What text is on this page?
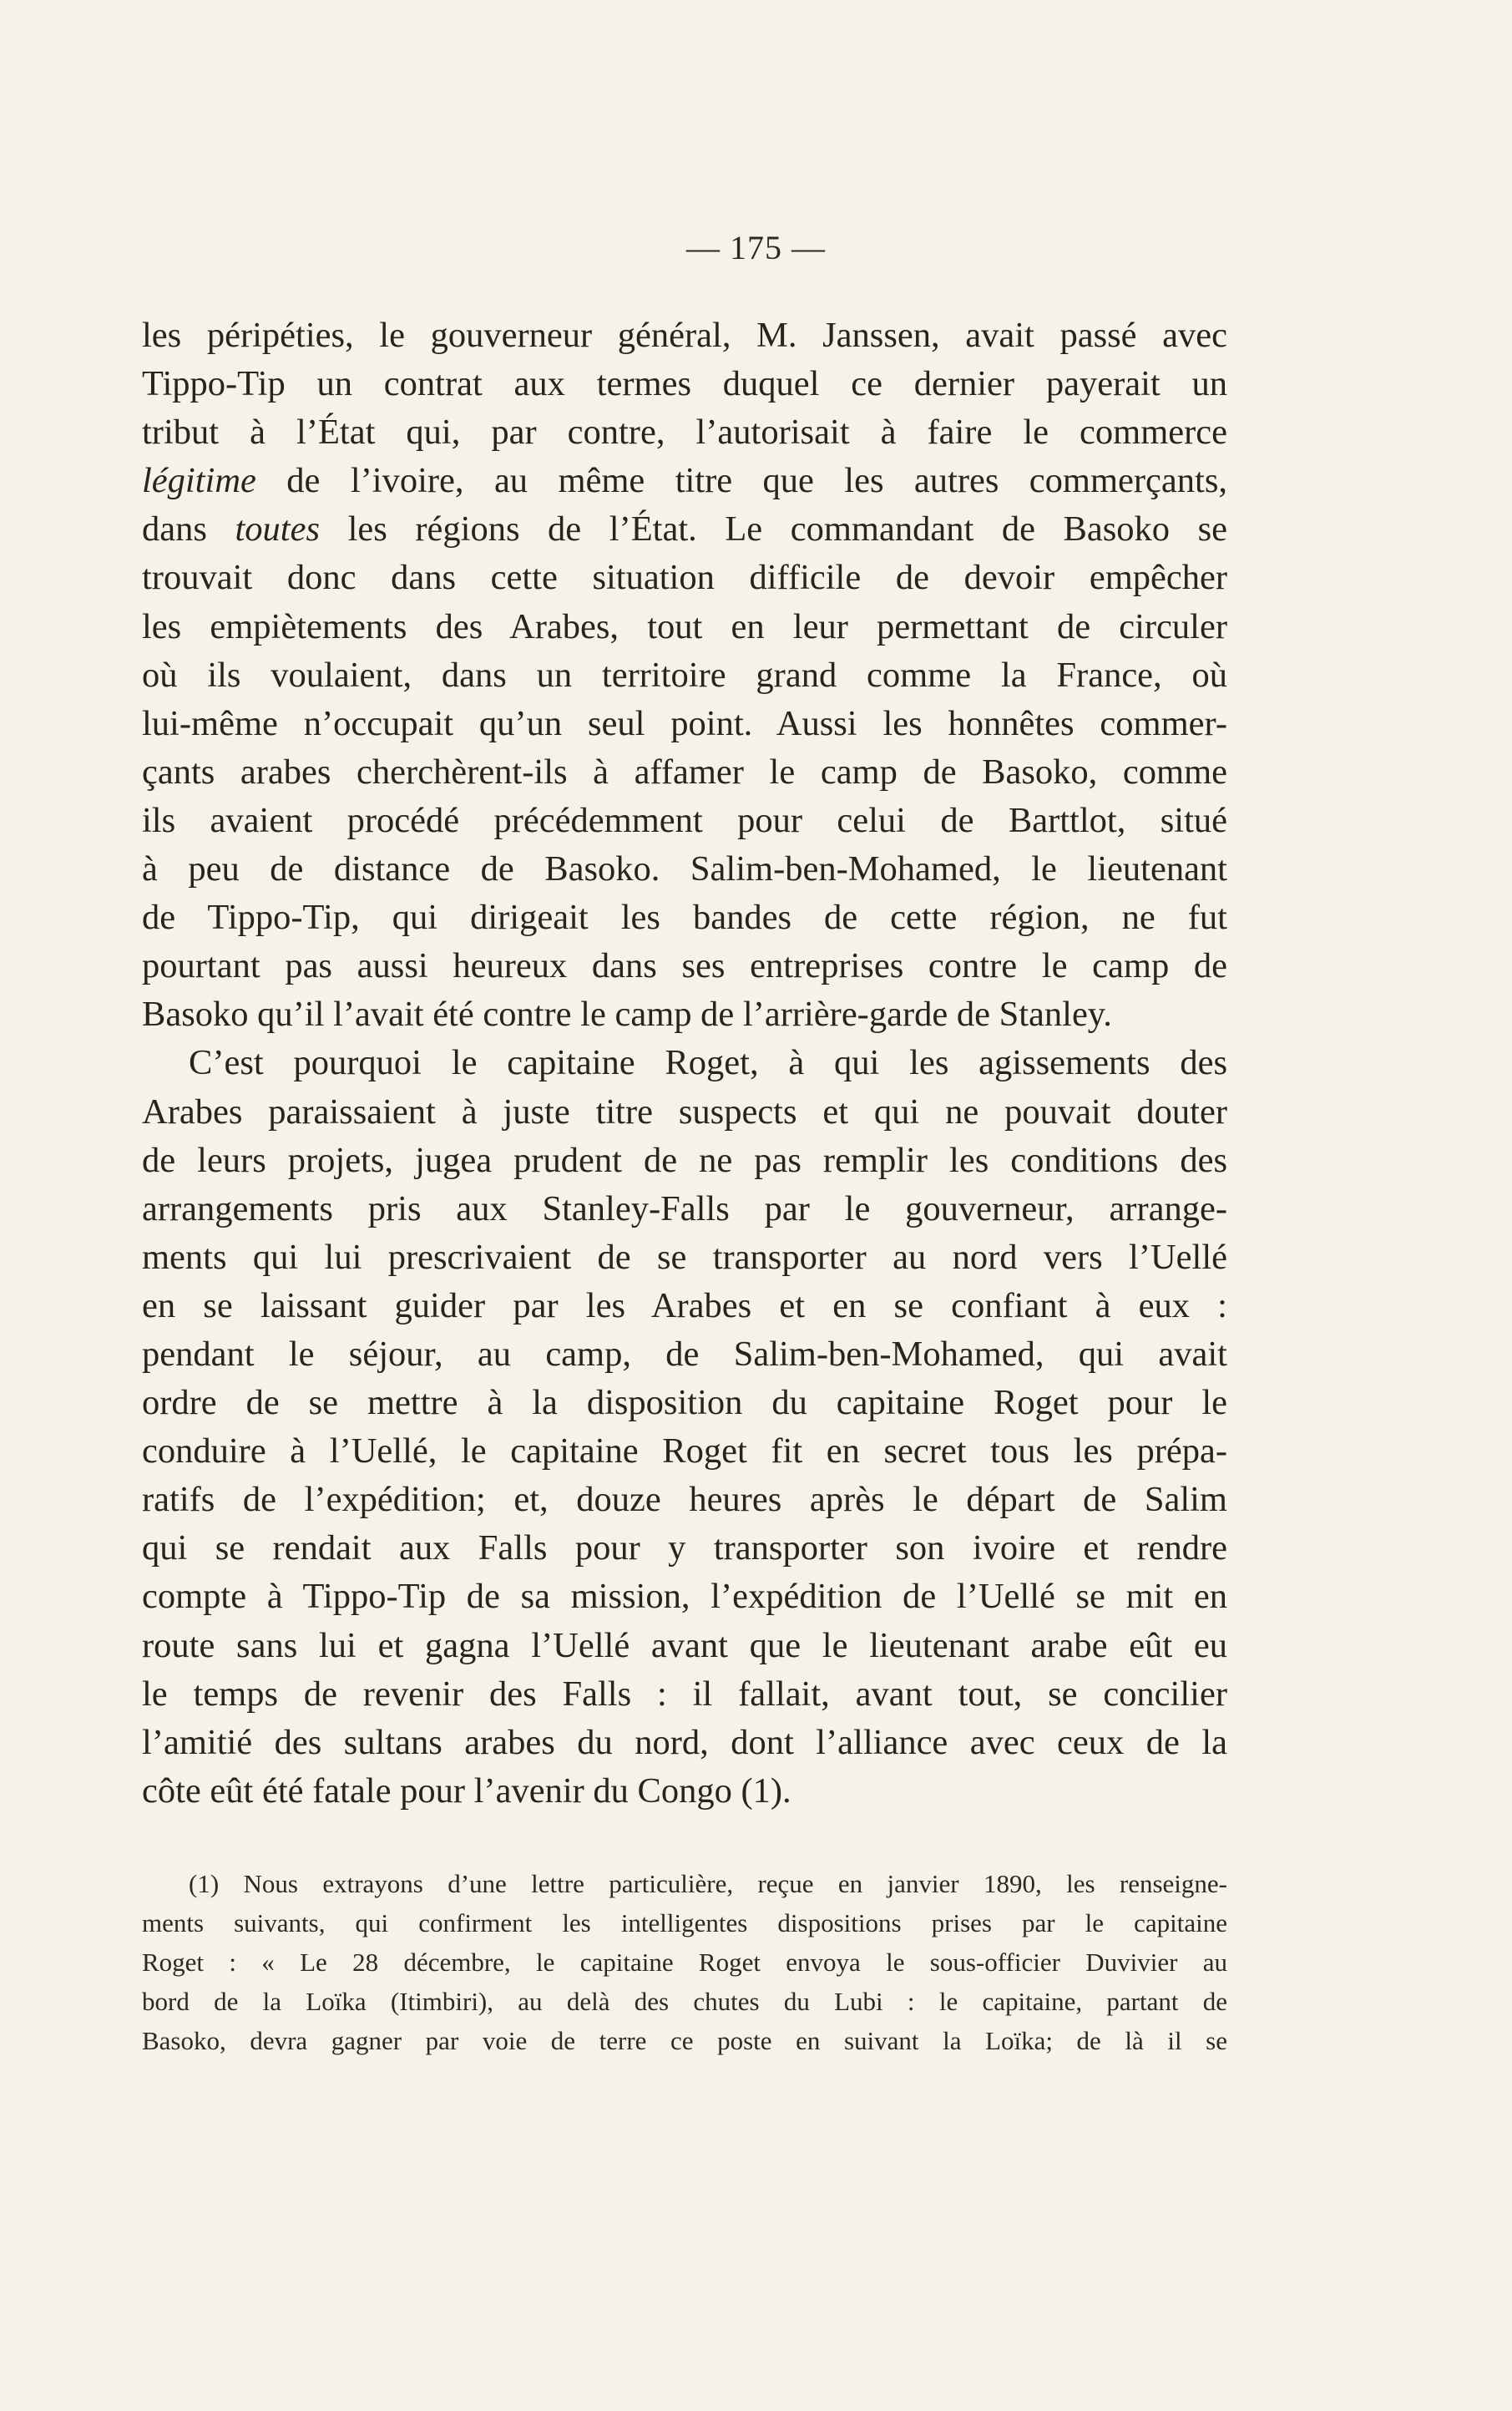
— 175 —
les péripéties, le gouverneur général, M. Janssen, avait passé avec
Tippo-Tip un contrat aux termes duquel ce dernier payerait un
tribut à l’État qui, par contre, l’autorisait à faire le commerce
légitime de l’ivoire, au même titre que les autres commerçants,
dans toutes les régions de l’État. Le commandant de Basoko se
trouvait donc dans cette situation difficile de devoir empêcher
les empiètements des Arabes, tout en leur permettant de circuler
où ils voulaient, dans un territoire grand comme la France, où
lui-même n’occupait qu’un seul point. Aussi les honnêtes commer-
çants arabes cherchèrent-ils à affamer le camp de Basoko, comme
ils avaient procédé précédemment pour celui de Barttlot, situé
à peu de distance de Basoko. Salim-ben-Mohamed, le lieutenant
de Tippo-Tip, qui dirigeait les bandes de cette région, ne fut
pourtant pas aussi heureux dans ses entreprises contre le camp de
Basoko qu’il l’avait été contre le camp de l’arrière-garde de Stanley.
C’est pourquoi le capitaine Roget, à qui les agissements des
Arabes paraissaient à juste titre suspects et qui ne pouvait douter
de leurs projets, jugea prudent de ne pas remplir les conditions des
arrangements pris aux Stanley-Falls par le gouverneur, arrange-
ments qui lui prescrivaient de se transporter au nord vers l’Uellé
en se laissant guider par les Arabes et en se confiant à eux :
pendant le séjour, au camp, de Salim-ben-Mohamed, qui avait
ordre de se mettre à la disposition du capitaine Roget pour le
conduire à l’Uellé, le capitaine Roget fit en secret tous les prépa-
ratifs de l’expédition; et, douze heures après le départ de Salim
qui se rendait aux Falls pour y transporter son ivoire et rendre
compte à Tippo-Tip de sa mission, l’expédition de l’Uellé se mit en
route sans lui et gagna l’Uellé avant que le lieutenant arabe eût eu
le temps de revenir des Falls : il fallait, avant tout, se concilier
l’amitié des sultans arabes du nord, dont l’alliance avec ceux de la
côte eût été fatale pour l’avenir du Congo (1).
(1) Nous extrayons d’une lettre particulière, reçue en janvier 1890, les renseigne-
ments suivants, qui confirment les intelligentes dispositions prises par le capitaine
Roget : « Le 28 décembre, le capitaine Roget envoya le sous-officier Duvivier au
bord de la Loïka (Itimbiri), au delà des chutes du Lubi : le capitaine, partant de
Basoko, devra gagner par voie de terre ce poste en suivant la Loïka; de là il se
